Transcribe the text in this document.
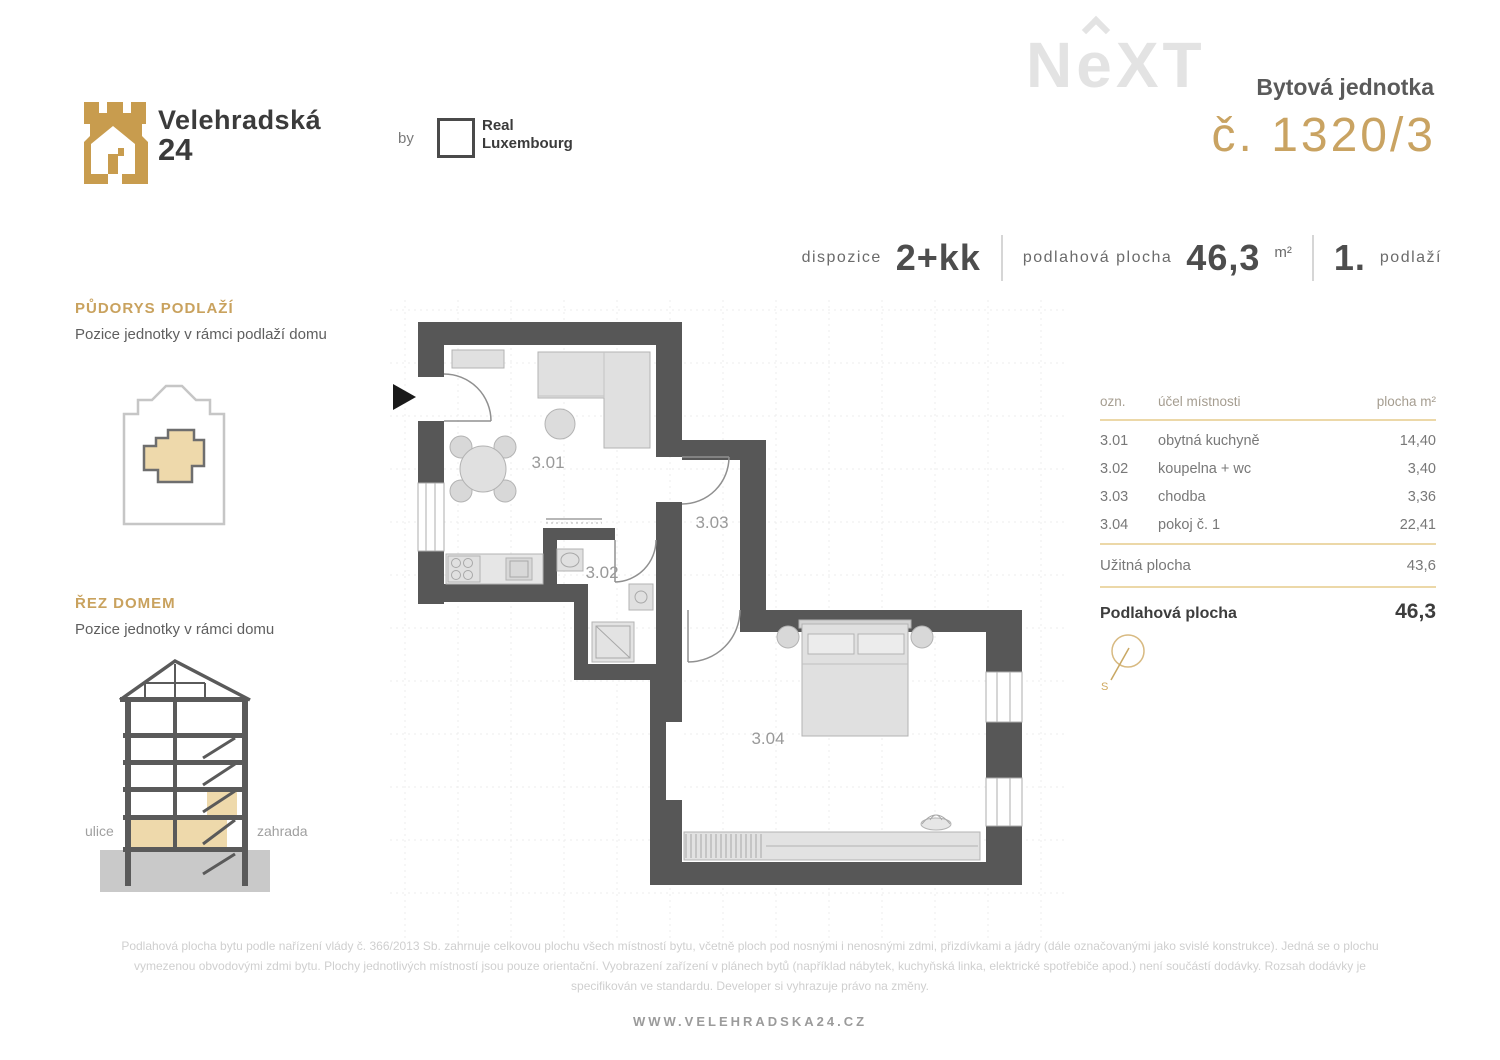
Velehradská
24	by
Real
Luxembourg
Ne
XT Bytová jednotka
č. 1320/3
dispozice 2+kk	podlahová plocha 46,3 m² 1. podlaží
PŮDORYS PODLAŽÍ
Pozice jednotky v rámci podlaží domu
ŘEZ DOMEM
Pozice jednotky v rámci domu
ulice	zahrada
3.01
3.02
3.03
3.04
ozn.	účel místnosti	plocha m²
3.01	obytná kuchyně	14,40
3.02	koupelna + wc	3,40
3.03	chodba	3,36
3.04	pokoj č. 1	22,41
Užitná plocha	43,6
Podlahová plocha	46,3
S
Podlahová plocha bytu podle nařízení vlády č. 366/2013 Sb. zahrnuje celkovou plochu všech místností bytu, včetně ploch pod nosnými i nenosnými zdmi, přizdívkami a jádry (dále označovanými jako svislé konstrukce). Jedná se o plochu
vymezenou obvodovými zdmi bytu. Plochy jednotlivých místností jsou pouze orientační. Vyobrazení zařízení v plánech bytů (například nábytek, kuchyňská linka, elektrické spotřebiče apod.) není součástí dodávky. Rozsah dodávky je
specifikován ve standardu. Developer si vyhrazuje právo na změny.
WWW.VELEHRADSKA24.CZ
